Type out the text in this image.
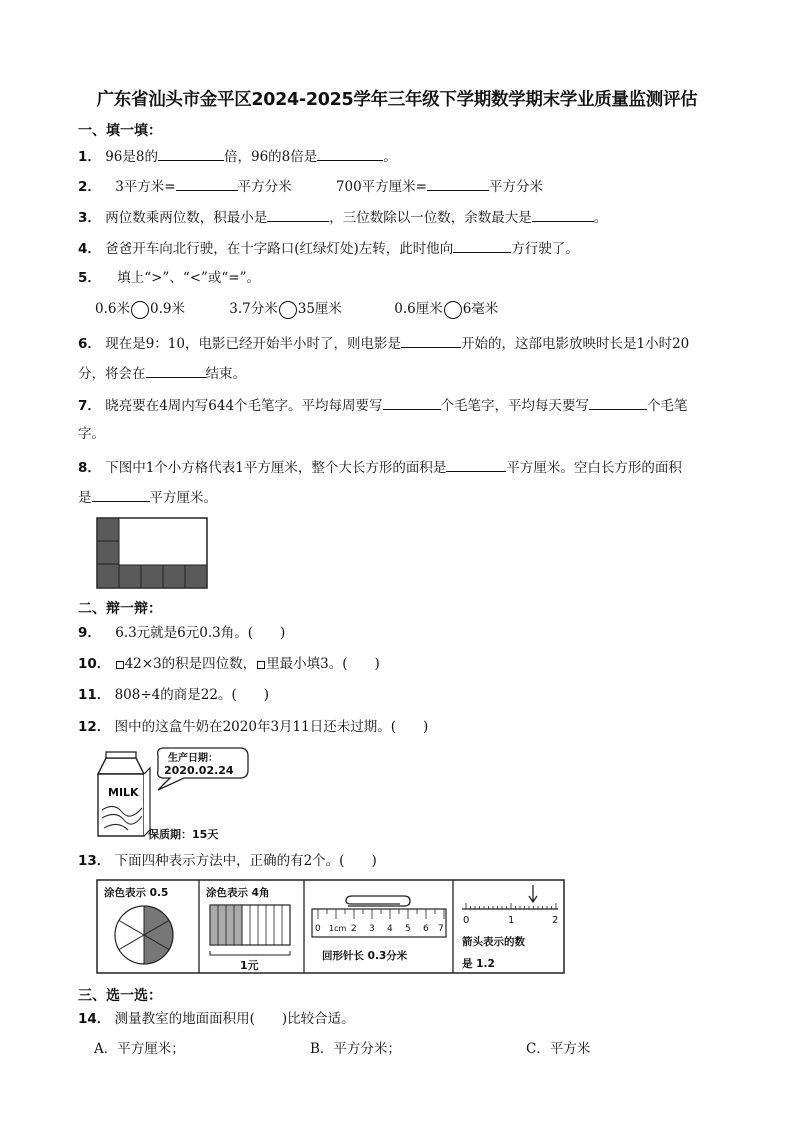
广东省汕头市金平区2024-2025学年三年级下学期数学期末学业质量监测评估
一、填一填：
1． 96是8的	倍，96的8倍是	。
2． 3平方米=	平方分米	700平方厘米=	平方分米
3． 两位数乘两位数，积最小是	，三位数除以一位数，余数最大是	。
4． 爸爸开车向北行驶，在十字路口(红绿灯处)左转，此时他向	方行驶了。
5． 填上“>”、“<”或“=”。
0.6米 0.9米	3.7分米 35厘米	0.6厘米 6毫米
6． 现在是9：10，电影已经开始半小时了，则电影是	开始的，这部电影放映时长是1小时20
分，将会在	结束。
7． 晓亮要在4周内写644个毛笔字。平均每周要写	个毛笔字，平均每天要写	个毛笔
字。
8． 下图中1个小方格代表1平方厘米，整个大长方形的面积是	平方厘米。空白长方形的面积
是	平方厘米。
二、辩一辩：
9． 6.3元就是6元0.3角。(　　)
10． 42×3的积是四位数， 里最小填3。(　　)
11． 808÷4的商是22。(　　)
12． 图中的这盒牛奶在2020年3月11日还未过期。(　　)
MILK
生产日期：
2020.02.24
保质期：15天
13． 下面四种表示方法中，正确的有2个。(　　)
涂色表示 0.5	涂色表示 4角
1元
0 1cm 2 3 4 5 6 7
回形针长 0.3分米
0	1	2
箭头表示的数
是 1.2
三、选一选：
14． 测量教室的地面面积用(　　)比较合适。
A．平方厘米；	B．平方分米；	C．平方米
